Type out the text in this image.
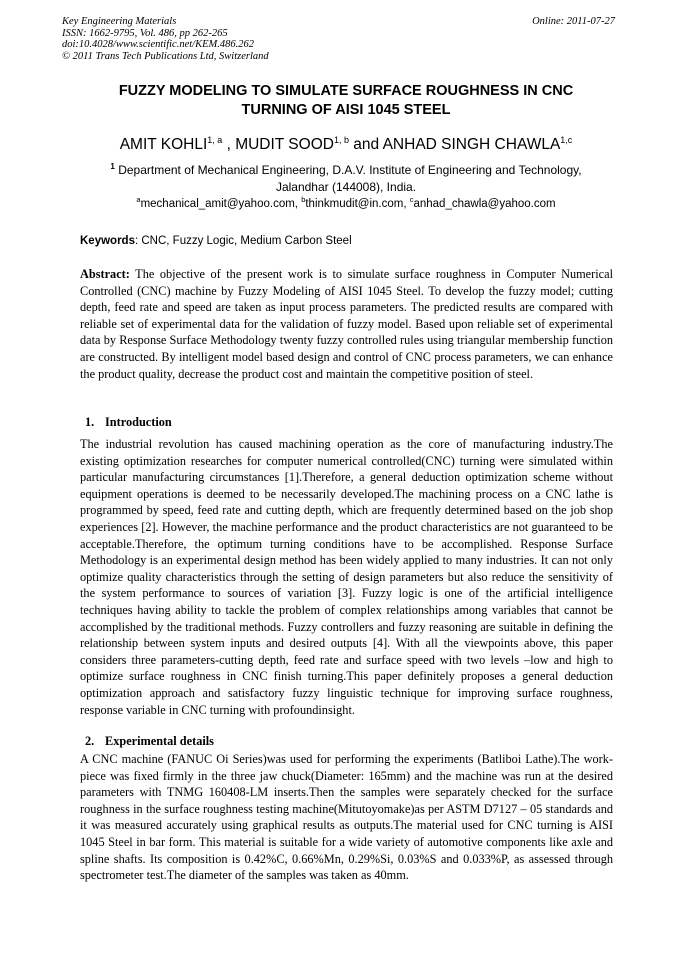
Key Engineering Materials
ISSN: 1662-9795, Vol. 486, pp 262-265
doi:10.4028/www.scientific.net/KEM.486.262
© 2011 Trans Tech Publications Ltd, Switzerland
Online: 2011-07-27
FUZZY MODELING TO SIMULATE SURFACE ROUGHNESS IN CNC
TURNING OF AISI 1045 STEEL
AMIT KOHLI$^{1, a}$ , MUDIT SOOD$^{1, b}$ and ANHAD SINGH CHAWLA$^{1,c}$
$^1$ Department of Mechanical Engineering, D.A.V. Institute of Engineering and Technology,
Jalandhar (144008), India.
$^a$mechanical_amit@yahoo.com, $^b$thinkmudit@in.com, $^c$anhad_chawla@yahoo.com
Keywords: CNC, Fuzzy Logic, Medium Carbon Steel

Abstract: The objective of the present work is to simulate surface roughness in Computer Numerical Controlled (CNC) machine by Fuzzy Modeling of AISI 1045 Steel. To develop the fuzzy model; cutting depth, feed rate and speed are taken as input process parameters. The predicted results are compared with reliable set of experimental data for the validation of fuzzy model. Based upon reliable set of experimental data by Response Surface Methodology twenty fuzzy controlled rules using triangular membership function are constructed. By intelligent model based design and control of CNC process parameters, we can enhance the product quality, decrease the product cost and maintain the competitive position of steel.

1. Introduction

The industrial revolution has caused machining operation as the core of manufacturing industry.The existing optimization researches for computer numerical controlled(CNC) turning were simulated within particular manufacturing circumstances [1].Therefore, a general deduction optimization scheme without equipment operations is deemed to be necessarily developed.The machining process on a CNC lathe is programmed by speed, feed rate and cutting depth, which are frequently determined based on the job shop experiences [2]. However, the machine performance and the product characteristics are not guaranteed to be acceptable.Therefore, the optimum turning conditions have to be accomplished. Response Surface Methodology is an experimental design method has been widely applied to many industries. It can not only optimize quality characteristics through the setting of design parameters but also reduce the sensitivity of the system performance to sources of variation [3]. Fuzzy logic is one of the artificial intelligence techniques having ability to tackle the problem of complex relationships among variables that cannot be accomplished by the traditional methods. Fuzzy controllers and fuzzy reasoning are suitable in defining the relationship between system inputs and desired outputs [4]. With all the viewpoints above, this paper considers three parameters-cutting depth, feed rate and surface speed with two levels –low and high to optimize surface roughness in CNC finish turning.This paper definitely proposes a general deduction optimization approach and satisfactory fuzzy linguistic technique for improving surface roughness, response variable in CNC turning with profoundinsight.

2. Experimental details

A CNC machine (FANUC Oi Series)was used for performing the experiments (Batliboi Lathe).The work-piece was fixed firmly in the three jaw chuck(Diameter: 165mm) and the machine was run at the desired parameters with TNMG 160408-LM inserts.Then the samples were separately checked for the surface roughness in the surface roughness testing machine(Mitutoyomake)as per ASTM D7127 – 05 standards and it was measured accurately using graphical results as outputs.The material used for CNC turning is AISI 1045 Steel in bar form. This material is suitable for a wide variety of automotive components like axle and spline shafts. Its composition is 0.42%C, 0.66%Mn, 0.29%Si, 0.03%S and 0.033%P, as assessed through spectrometer test.The diameter of the samples was taken as 40mm.
